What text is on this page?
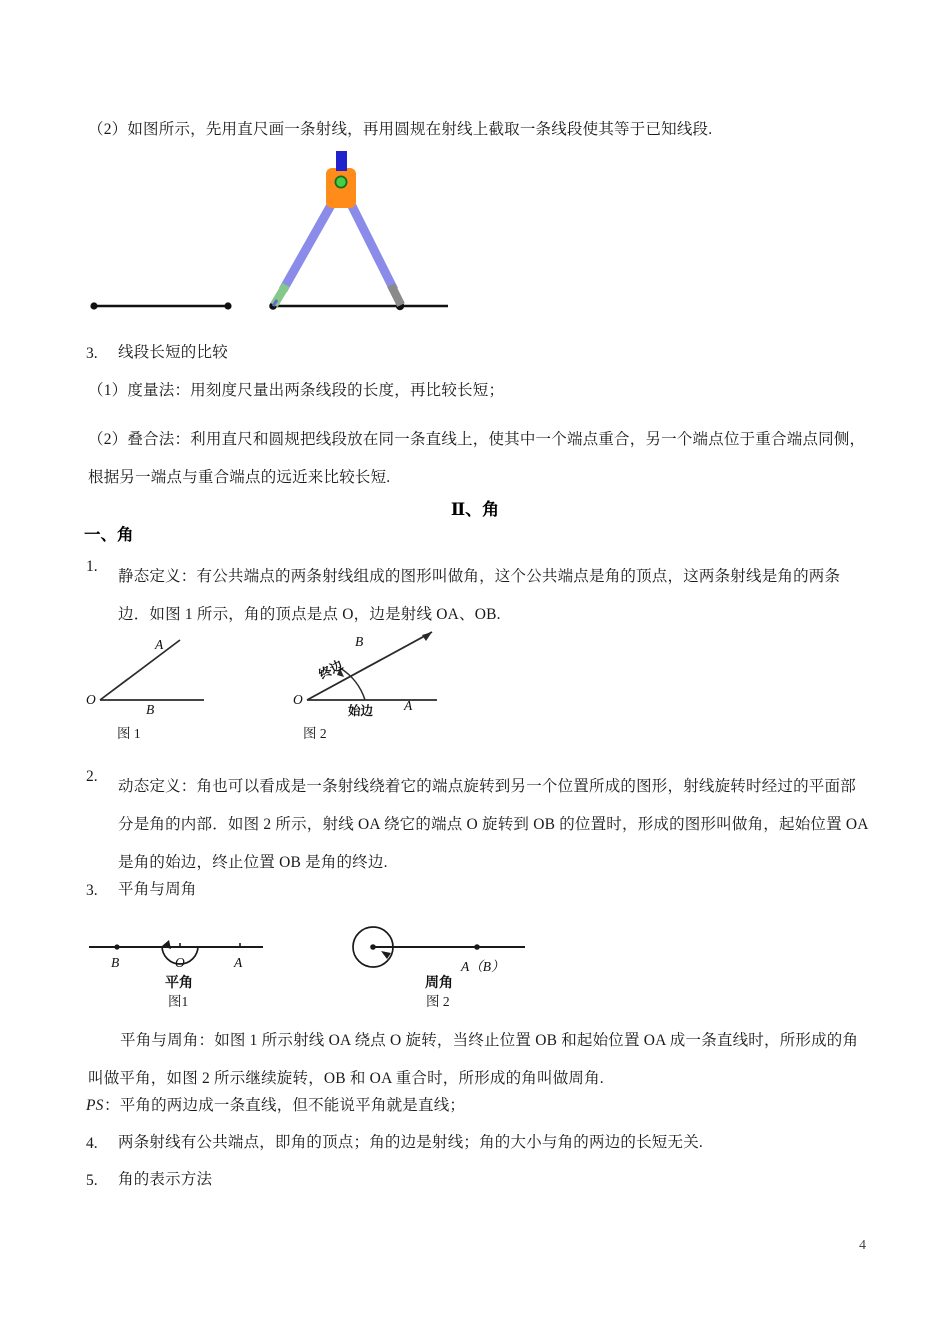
（2）如图所示，先用直尺画一条射线，再用圆规在射线上截取一条线段使其等于已知线段.
3. 线段长短的比较
（1）度量法：用刻度尺量出两条线段的长度，再比较长短；
（2）叠合法：利用直尺和圆规把线段放在同一条直线上，使其中一个端点重合，另一个端点位于重合端点同侧，根据另一端点与重合端点的远近来比较长短.
Ⅱ、角
一、角
1.
静态定义：有公共端点的两条射线组成的图形叫做角，这个公共端点是角的顶点，这两条射线是角的两条边．如图 1 所示，角的顶点是点 O，边是射线 OA、OB.
O
A
B
图 1
O
B
A
终边
始边
图 2
2.
动态定义：角也可以看成是一条射线绕着它的端点旋转到另一个位置所成的图形，射线旋转时经过的平面部分是角的内部．如图 2 所示，射线 OA 绕它的端点 O 旋转到 OB 的位置时，形成的图形叫做角，起始位置 OA 是角的始边，终止位置 OB 是角的终边.
3. 平角与周角
B	O	A
平角
图1
A（B）
周角
图 2
平角与周角：如图 1 所示射线 OA 绕点 O 旋转，当终止位置 OB 和起始位置 OA 成一条直线时，所形成的角叫做平角，如图 2 所示继续旋转，OB 和 OA 重合时，所形成的角叫做周角.
PS ：平角的两边成一条直线，但不能说平角就是直线；
4. 两条射线有公共端点，即角的顶点；角的边是射线；角的大小与角的两边的长短无关.
5. 角的表示方法
4
